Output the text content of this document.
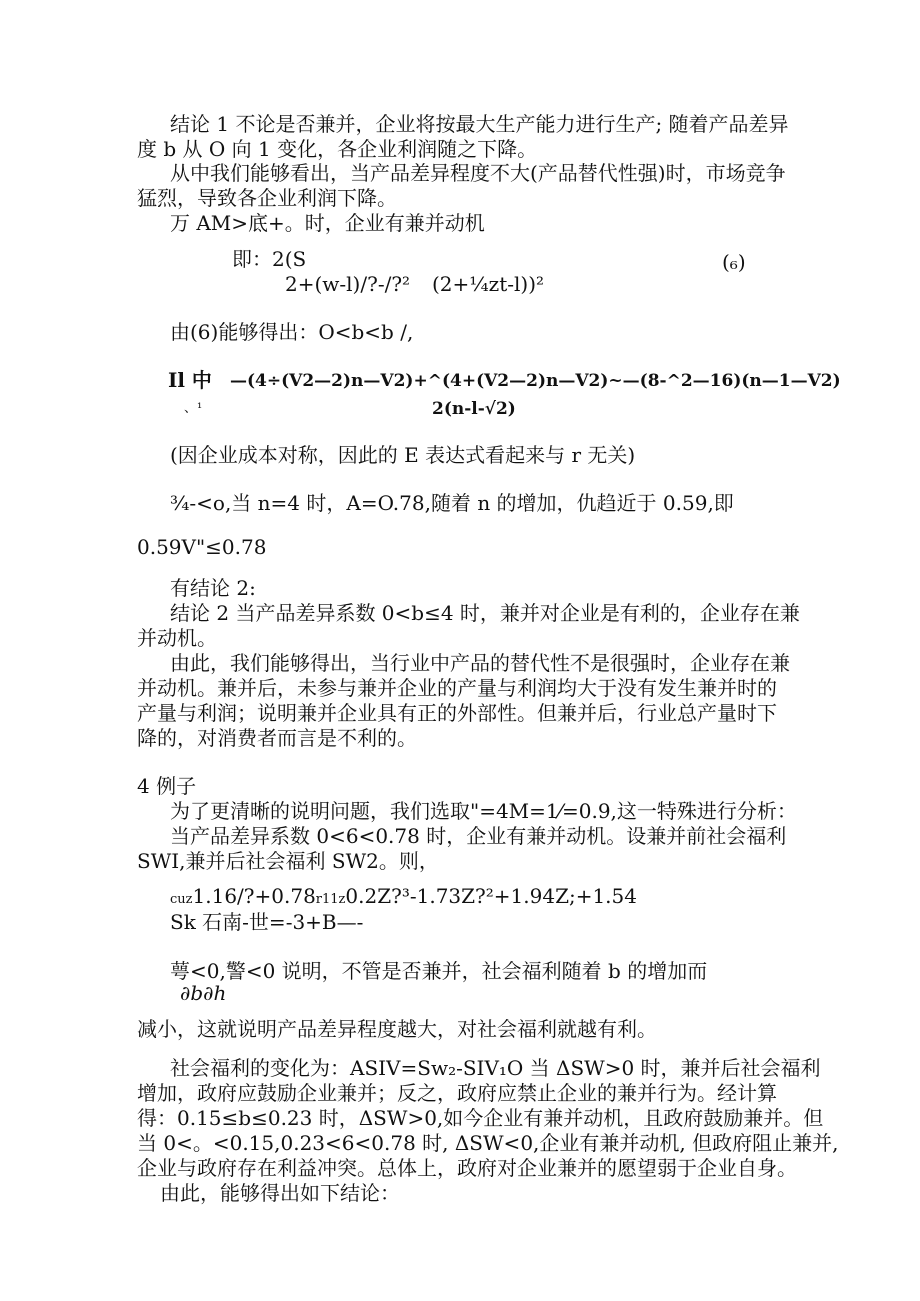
结论 1 不论是否兼并，企业将按最大生产能力进行生产; 随着产品差异
度 b 从 O 向 1 变化，各企业利润随之下降。
从中我们能够看出，当产品差异程度不大(产品替代性强)时，市场竞争
猛烈，导致各企业利润下降。
万 AM>底+。时，企业有兼并动机
即：2(S	(₆)
2+(w-l)/?-/?² (2+¼zt-l))²
由(6)能够得出：O<b<b /,
Il 中 —(4÷(V2—2)n—V2)+^(4+(V2—2)n—V2)~—(8-^2—16)(n—1—V2)
、¹	2(n-l-√2)
(因企业成本对称，因此的 E 表达式看起来与 r 无关)
¾-<o,当 n=4 时，A=O.78,随着 n 的增加，仇趋近于 0.59,即
0.59V"≤0.78
有结论 2:
结论 2 当产品差异系数 0<b≤4 时，兼并对企业是有利的，企业存在兼
并动机。
由此，我们能够得出，当行业中产品的替代性不是很强时，企业存在兼
并动机。兼并后，未参与兼并企业的产量与利润均大于没有发生兼并时的
产量与利润；说明兼并企业具有正的外部性。但兼并后，行业总产量时下
降的，对消费者而言是不利的。
4 例子
为了更清晰的说明问题，我们选取"=4M=1⁄=0.9,这一特殊进行分析：
当产品差异系数 0<6<0.78 时，企业有兼并动机。设兼并前社会福利
SWI,兼并后社会福利 SW2。则，
cuz1.16/?+0.78r11z0.2Z?³-1.73Z?²+1.94Z;+1.54
Sk 石南-世=-3+B—-
萼<0,警<0 说明，不管是否兼并，社会福利随着 b 的增加而
∂b∂h
减小，这就说明产品差异程度越大，对社会福利就越有利。
社会福利的变化为：ASIV=Sw₂-SIV₁O 当 ΔSW>0 时，兼并后社会福利
增加，政府应鼓励企业兼并；反之，政府应禁止企业的兼并行为。经计算
得：0.15≤b≤0.23 时，ΔSW>0,如今企业有兼并动机，且政府鼓励兼并。但
当 0<。<0.15,0.23<6<0.78 时, ΔSW<0,企业有兼并动机, 但政府阻止兼并,
企业与政府存在利益冲突。总体上，政府对企业兼并的愿望弱于企业自身。
由此，能够得出如下结论：
